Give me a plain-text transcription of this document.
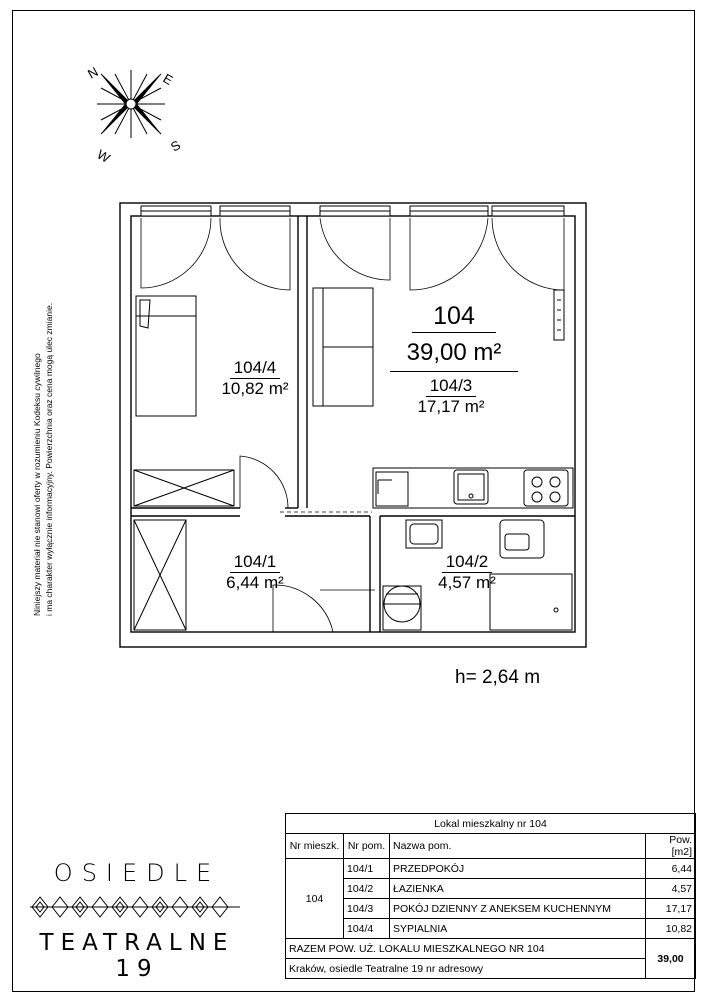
N	E
S
W
Niniejszy materiał nie stanowi oferty w rozumieniu Kodeksu cywilnego i ma charakter wyłącznie informacyjny. Powierzchnia oraz cena mogą ulec zmianie.	104
39,00 m²
104/4
10,82 m²	104/3
17,17 m²
104/1
6,44 m²
104/2
4,57 m²
h= 2,64 m
OSIEDLE
TEATRALNE 19
Lokal mieszkalny nr 104			
Nr mieszk.	Nr pom.	Nazwa pom.	Pow.[m2]
104	104/1	PRZEDPOKÓJ	6,44
	104/2	ŁAZIENKA	4,57
	104/3	POKÓJ DZIENNY Z ANEKSEM KUCHENNYM	17,17
	104/4	SYPIALNIA	10,82
RAZEM POW. UŻ. LOKALU MIESZKALNEGO NR 104			39,00
Kraków, osiedle Teatralne 19 nr adresowy			
